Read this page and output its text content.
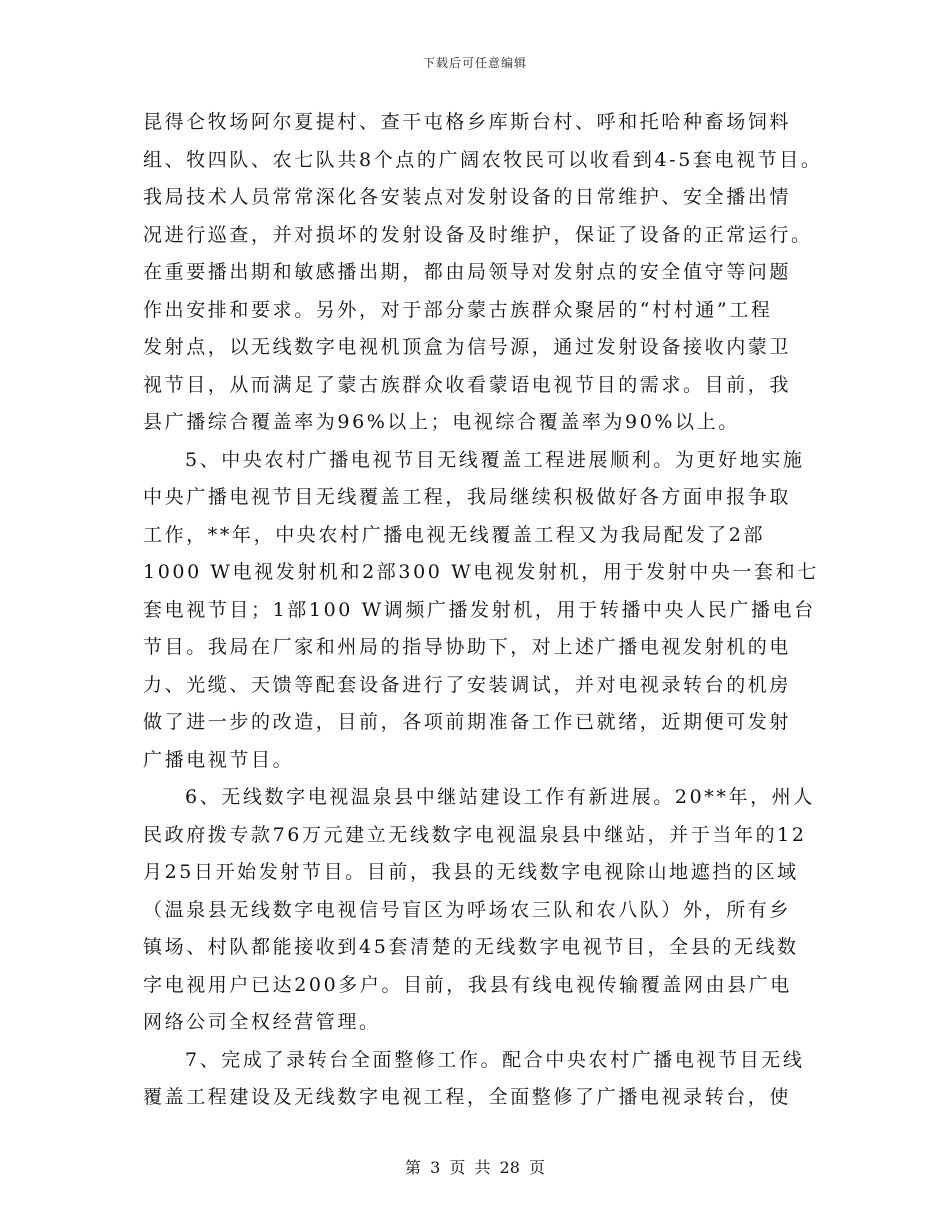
下载后可任意编辑
昆得仑牧场阿尔夏提村、查干屯格乡库斯台村、呼和托哈种畜场饲料
组、牧四队、农七队共8个点的广阔农牧民可以收看到4-5套电视节目。
我局技术人员常常深化各安装点对发射设备的日常维护、安全播出情
况进行巡查，并对损坏的发射设备及时维护，保证了设备的正常运行。
在重要播出期和敏感播出期，都由局领导对发射点的安全值守等问题
作出安排和要求。另外，对于部分蒙古族群众聚居的“村村通”工程
发射点，以无线数字电视机顶盒为信号源，通过发射设备接收内蒙卫
视节目，从而满足了蒙古族群众收看蒙语电视节目的需求。目前，我
县广播综合覆盖率为96%以上；电视综合覆盖率为90%以上。
5、中央农村广播电视节目无线覆盖工程进展顺利。为更好地实施
中央广播电视节目无线覆盖工程，我局继续积极做好各方面申报争取
工作，**年，中央农村广播电视无线覆盖工程又为我局配发了2部
1000 W电视发射机和2部300 W电视发射机，用于发射中央一套和七
套电视节目；1部100 W调频广播发射机，用于转播中央人民广播电台
节目。我局在厂家和州局的指导协助下，对上述广播电视发射机的电
力、光缆、天馈等配套设备进行了安装调试，并对电视录转台的机房
做了进一步的改造，目前，各项前期准备工作已就绪，近期便可发射
广播电视节目。
6、无线数字电视温泉县中继站建设工作有新进展。20**年，州人
民政府拨专款76万元建立无线数字电视温泉县中继站，并于当年的12
月25日开始发射节目。目前，我县的无线数字电视除山地遮挡的区域
（温泉县无线数字电视信号盲区为呼场农三队和农八队）外，所有乡
镇场、村队都能接收到45套清楚的无线数字电视节目，全县的无线数
字电视用户已达200多户。目前，我县有线电视传输覆盖网由县广电
网络公司全权经营管理。
7、完成了录转台全面整修工作。配合中央农村广播电视节目无线
覆盖工程建设及无线数字电视工程，全面整修了广播电视录转台，使
第 3 页 共 28 页
